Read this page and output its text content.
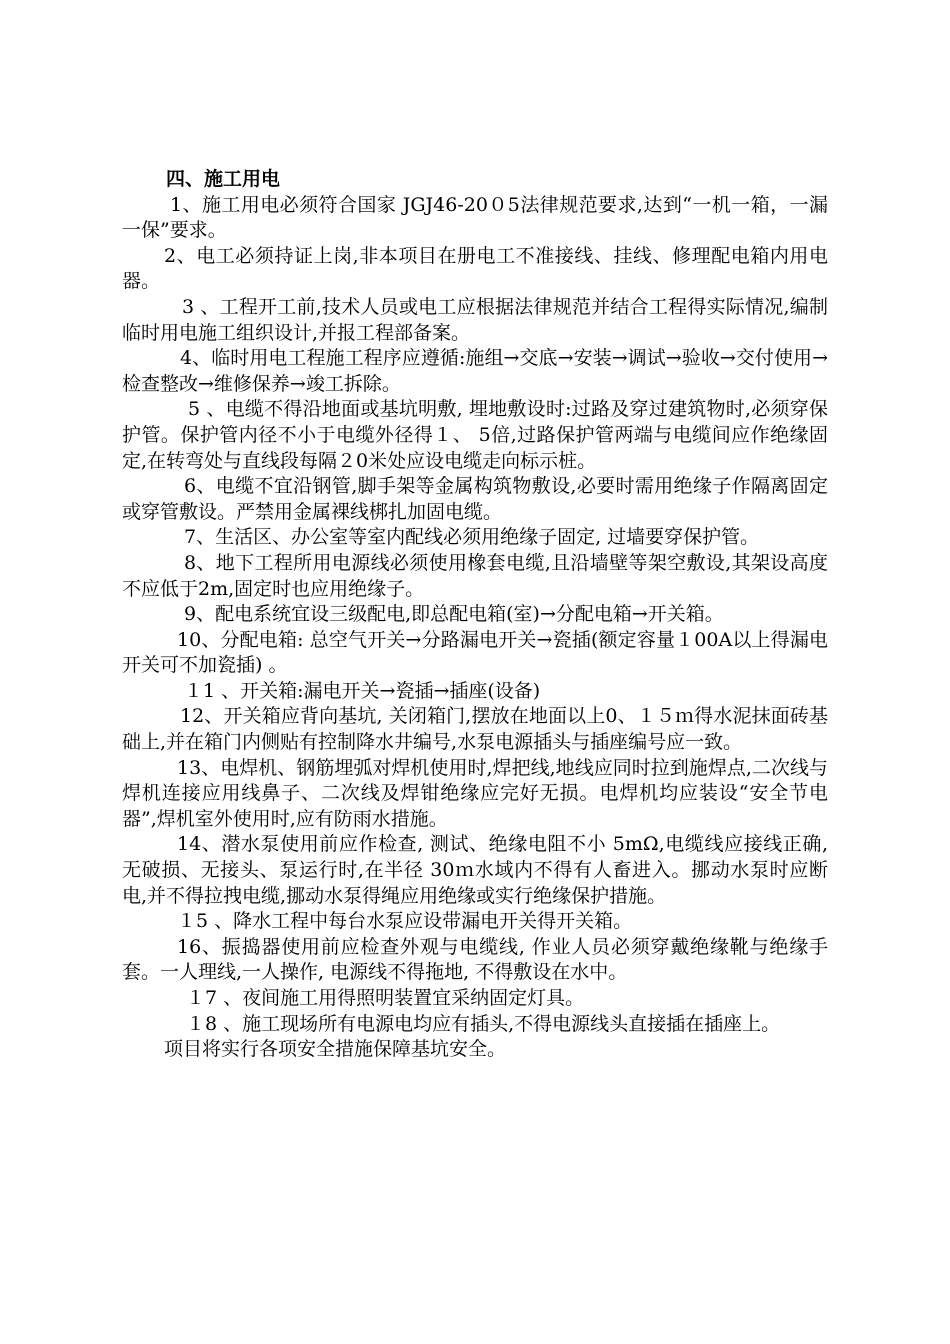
四、施工用电

1、施工用电必须符合国家 JGJ46-20０5法律规范要求,达到“一机一箱，一漏一保”要求。

2、电工必须持证上岗,非本项目在册电工不准接线、挂线、修理配电箱内用电器。

3 、工程开工前,技术人员或电工应根据法律规范并结合工程得实际情况,编制临时用电施工组织设计,并报工程部备案。

4、临时用电工程施工程序应遵循:施组→交底→安装→调试→验收→交付使用→检查整改→维修保养→竣工拆除。

5 、电缆不得沿地面或基坑明敷, 埋地敷设时:过路及穿过建筑物时,必须穿保护管。保护管内径不小于电缆外径得１、 5倍,过路保护管两端与电缆间应作绝缘固定,在转弯处与直线段每隔２0米处应设电缆走向标示桩。

6、电缆不宜沿钢管,脚手架等金属构筑物敷设,必要时需用绝缘子作隔离固定或穿管敷设。严禁用金属裸线梆扎加固电缆。

7、生活区、办公室等室内配线必须用绝缘子固定, 过墙要穿保护管。

8、地下工程所用电源线必须使用橡套电缆,且沿墙壁等架空敷设,其架设高度不应低于2m,固定时也应用绝缘子。

9、配电系统宜设三级配电,即总配电箱(室)→分配电箱→开关箱。

10、分配电箱: 总空气开关→分路漏电开关→瓷插(额定容量１00A以上得漏电开关可不加瓷插) 。

１1 、开关箱:漏电开关→瓷插→插座(设备)

12、开关箱应背向基坑, 关闭箱门,摆放在地面以上0、１５ｍ得水泥抹面砖基础上,并在箱门内侧贴有控制降水井编号,水泵电源插头与插座编号应一致。

13、电焊机、钢筋埋弧对焊机使用时,焊把线,地线应同时拉到施焊点,二次线与焊机连接应用线鼻子、二次线及焊钳绝缘应完好无损。电焊机均应装设“安全节电器”,焊机室外使用时,应有防雨水措施。

14、潜水泵使用前应作检查, 测试、绝缘电阻不小 5mΩ,电缆线应接线正确,无破损、无接头、泵运行时,在半径 30ｍ水域内不得有人畜进入。挪动水泵时应断电,并不得拉拽电缆,挪动水泵得绳应用绝缘或实行绝缘保护措施。

１5 、降水工程中每台水泵应设带漏电开关得开关箱。

16、振捣器使用前应检查外观与电缆线, 作业人员必须穿戴绝缘靴与绝缘手套。一人理线,一人操作, 电源线不得拖地, 不得敷设在水中。

１7 、夜间施工用得照明装置宜采纳固定灯具。

１8 、施工现场所有电源电均应有插头,不得电源线头直接插在插座上。

项目将实行各项安全措施保障基坑安全。
